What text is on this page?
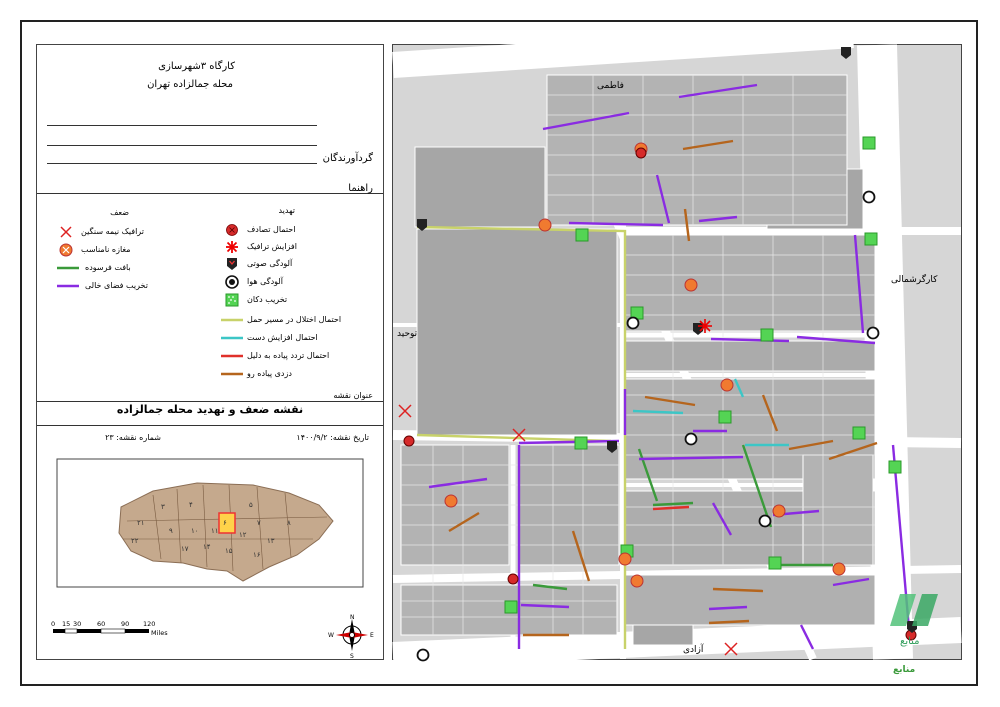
کارگاه ۳شهرسازی
محله جمالزاده تهران
گردآورندگان
راهنما
ضعف	تهدید
ترافیک نیمه سنگین
مغازه نامناسب
بافت فرسوده
تخریب فضای خالی
احتمال تصادف
افزایش ترافیک
آلودگی صوتی
آلودگی هوا
تخریب دکان
احتمال اختلال در مسیر حمل
احتمال افزایش دست
احتمال تردد پیاده به دلیل
دزدی پیاده رو
عنوان نقشه
نقشه ضعف و تهدید محله جمالزاده
تاریخ نقشه: ۱۴۰۰/۹/۲
شماره نقشه: ۲۳
۳	۴	۵
۶	۷	۸
۹	۱۰ ۱۱	۱۲
۱۳
۱۴ ۱۵	۱۶
۱۷
۲۱
۲۲
0 15 30 60 90 120
Miles
N
S
E
W
فاطمی
کارگرشمالی
توحید
آزادی
منابع
منابع
